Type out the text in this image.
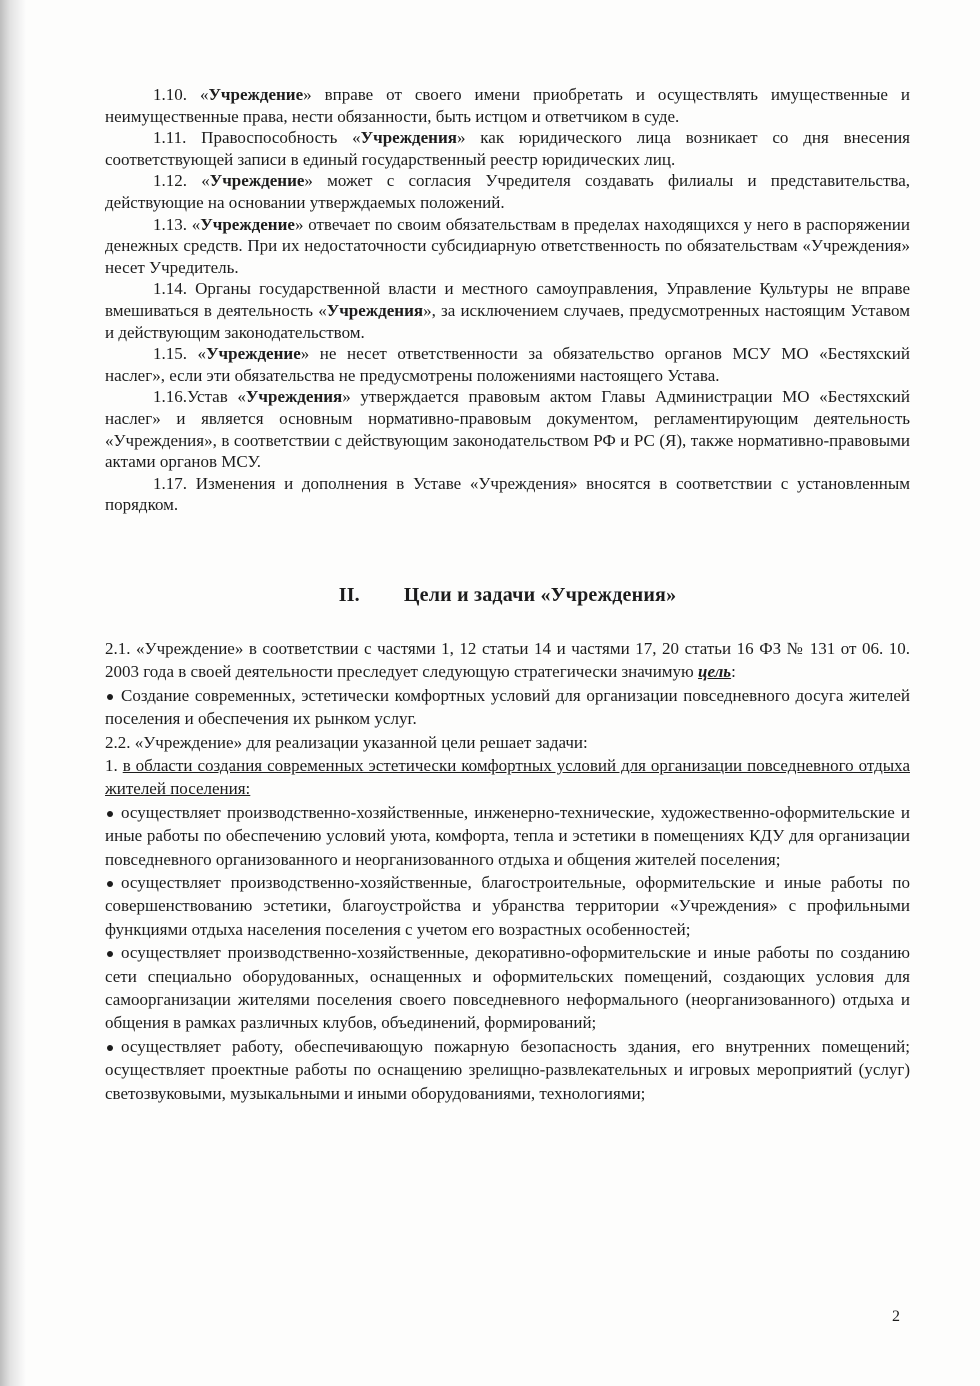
1.10. «Учреждение» вправе от своего имени приобретать и осуществлять имущественные и неимущественные права, нести обязанности, быть истцом и ответчиком в суде.

1.11. Правоспособность «Учреждения» как юридического лица возникает со дня внесения соответствующей записи в единый государственный реестр юридических лиц.

1.12. «Учреждение» может с согласия Учредителя создавать филиалы и представительства, действующие на основании утверждаемых положений.

1.13. «Учреждение» отвечает по своим обязательствам в пределах находящихся у него в распоряжении денежных средств. При их недостаточности субсидиарную ответственность по обязательствам «Учреждения» несет Учредитель.

1.14. Органы государственной власти и местного самоуправления, Управление Культуры не вправе вмешиваться в деятельность «Учреждения», за исключением случаев, предусмотренных настоящим Уставом и действующим законодательством.

1.15. «Учреждение» не несет ответственности за обязательство органов МСУ МО «Бестяхский наслег», если эти обязательства не предусмотрены положениями настоящего Устава.

1.16.Устав «Учреждения» утверждается правовым актом Главы Администрации МО «Бестяхский наслег» и является основным нормативно-правовым документом, регламентирующим деятельность «Учреждения», в соответствии с действующим законодательством РФ и РС (Я), также нормативно-правовыми актами органов МСУ.

1.17. Изменения и дополнения в Уставе «Учреждения» вносятся в соответствии с установленным порядком.

II. Цели и задачи «Учреждения»

2.1. «Учреждение» в соответствии с частями 1, 12 статьи 14 и частями 17, 20 статьи 16 ФЗ № 131 от 06. 10. 2003 года в своей деятельности преследует следующую стратегически значимую цель:

Создание современных, эстетически комфортных условий для организации повседневного досуга жителей поселения и обеспечения их рынком услуг.

2.2. «Учреждение» для реализации указанной цели решает задачи:

1. в области создания современных эстетически комфортных условий для организации повседневного отдыха жителей поселения:

осуществляет производственно-хозяйственные, инженерно-технические, художественно-оформительские и иные работы по обеспечению условий уюта, комфорта, тепла и эстетики в помещениях КДУ для организации повседневного организованного и неорганизованного отдыха и общения жителей поселения;

осуществляет производственно-хозяйственные, благостроительные, оформительские и иные работы по совершенствованию эстетики, благоустройства и убранства территории «Учреждения» с профильными функциями отдыха населения поселения с учетом его возрастных особенностей;

осуществляет производственно-хозяйственные, декоративно-оформительские и иные работы по созданию сети специально оборудованных, оснащенных и оформительских помещений, создающих условия для самоорганизации жителями поселения своего повседневного неформального (неорганизованного) отдыха и общения в рамках различных клубов, объединений, формирований;

осуществляет работу, обеспечивающую пожарную безопасность здания, его внутренних помещений; осуществляет проектные работы по оснащению зрелищно-развлекательных и игровых мероприятий (услуг) светозвуковыми, музыкальными и иными оборудованиями, технологиями;

2
